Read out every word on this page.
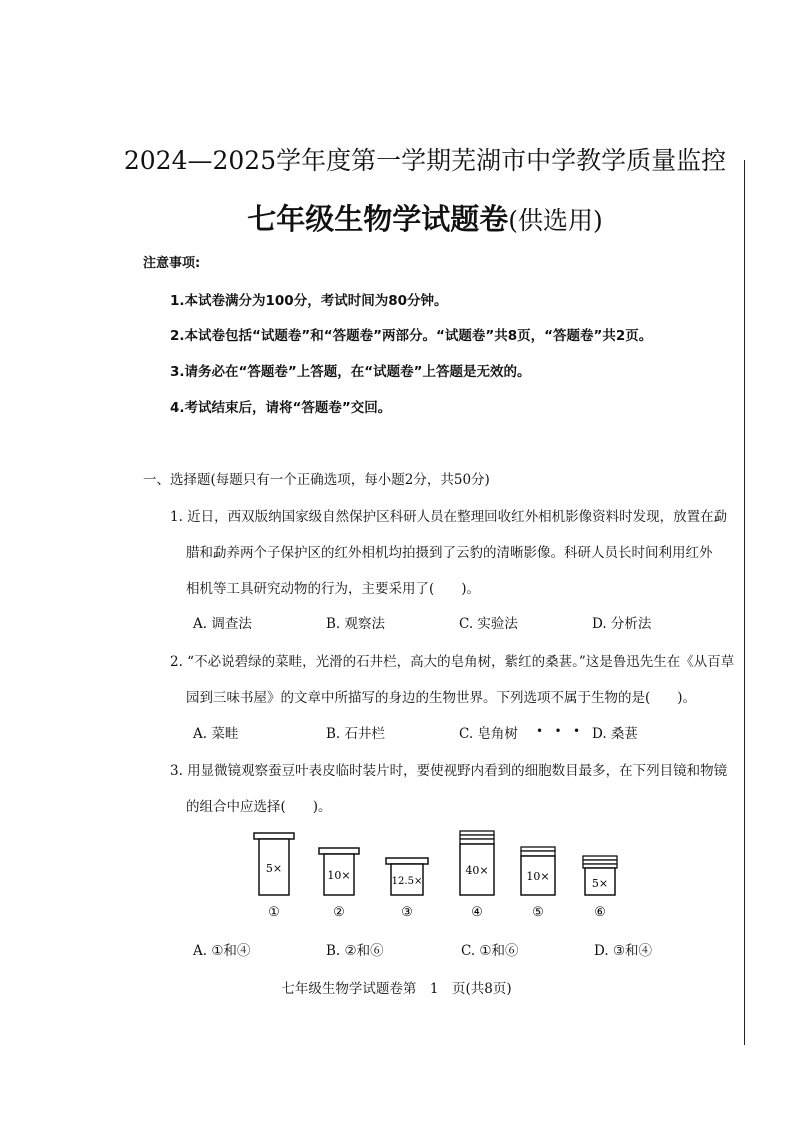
2024—2025学年度第一学期芜湖市中学教学质量监控
七年级生物学试题卷(供选用)
注意事项:
1.本试卷满分为100分，考试时间为80分钟。
2.本试卷包括“试题卷”和“答题卷”两部分。“试题卷”共8页，“答题卷”共2页。
3.请务必在“答题卷”上答题，在“试题卷”上答题是无效的。
4.考试结束后，请将“答题卷”交回。
一、选择题(每题只有一个正确选项，每小题2分，共50分)
1. 近日，西双版纳国家级自然保护区科研人员在整理回收红外相机影像资料时发现，放置在勐
腊和勐养两个子保护区的红外相机均拍摄到了云豹的清晰影像。科研人员长时间利用红外
相机等工具研究动物的行为，主要采用了(　　)。
A. 调查法	B. 观察法	C. 实验法	D. 分析法
2. “不必说碧绿的菜畦，光滑的石井栏，高大的皂角树，紫红的桑葚。”这是鲁迅先生在《从百草
园到三味书屋》的文章中所描写的身边的生物世界。下列选项不属于生物的是(　　)。
•   •   •
A. 菜畦	B. 石井栏	C. 皂角树	D. 桑葚
3. 用显微镜观察蚕豆叶表皮临时装片时，要使视野内看到的细胞数目最多，在下列目镜和物镜
的组合中应选择(　　)。
5×
①
10×
②
12.5×
③
40×
④
10×
⑤
5×
⑥
A. ①和④	B. ②和⑥	C. ①和⑥	D. ③和④
七年级生物学试题卷第　1　页(共8页)
